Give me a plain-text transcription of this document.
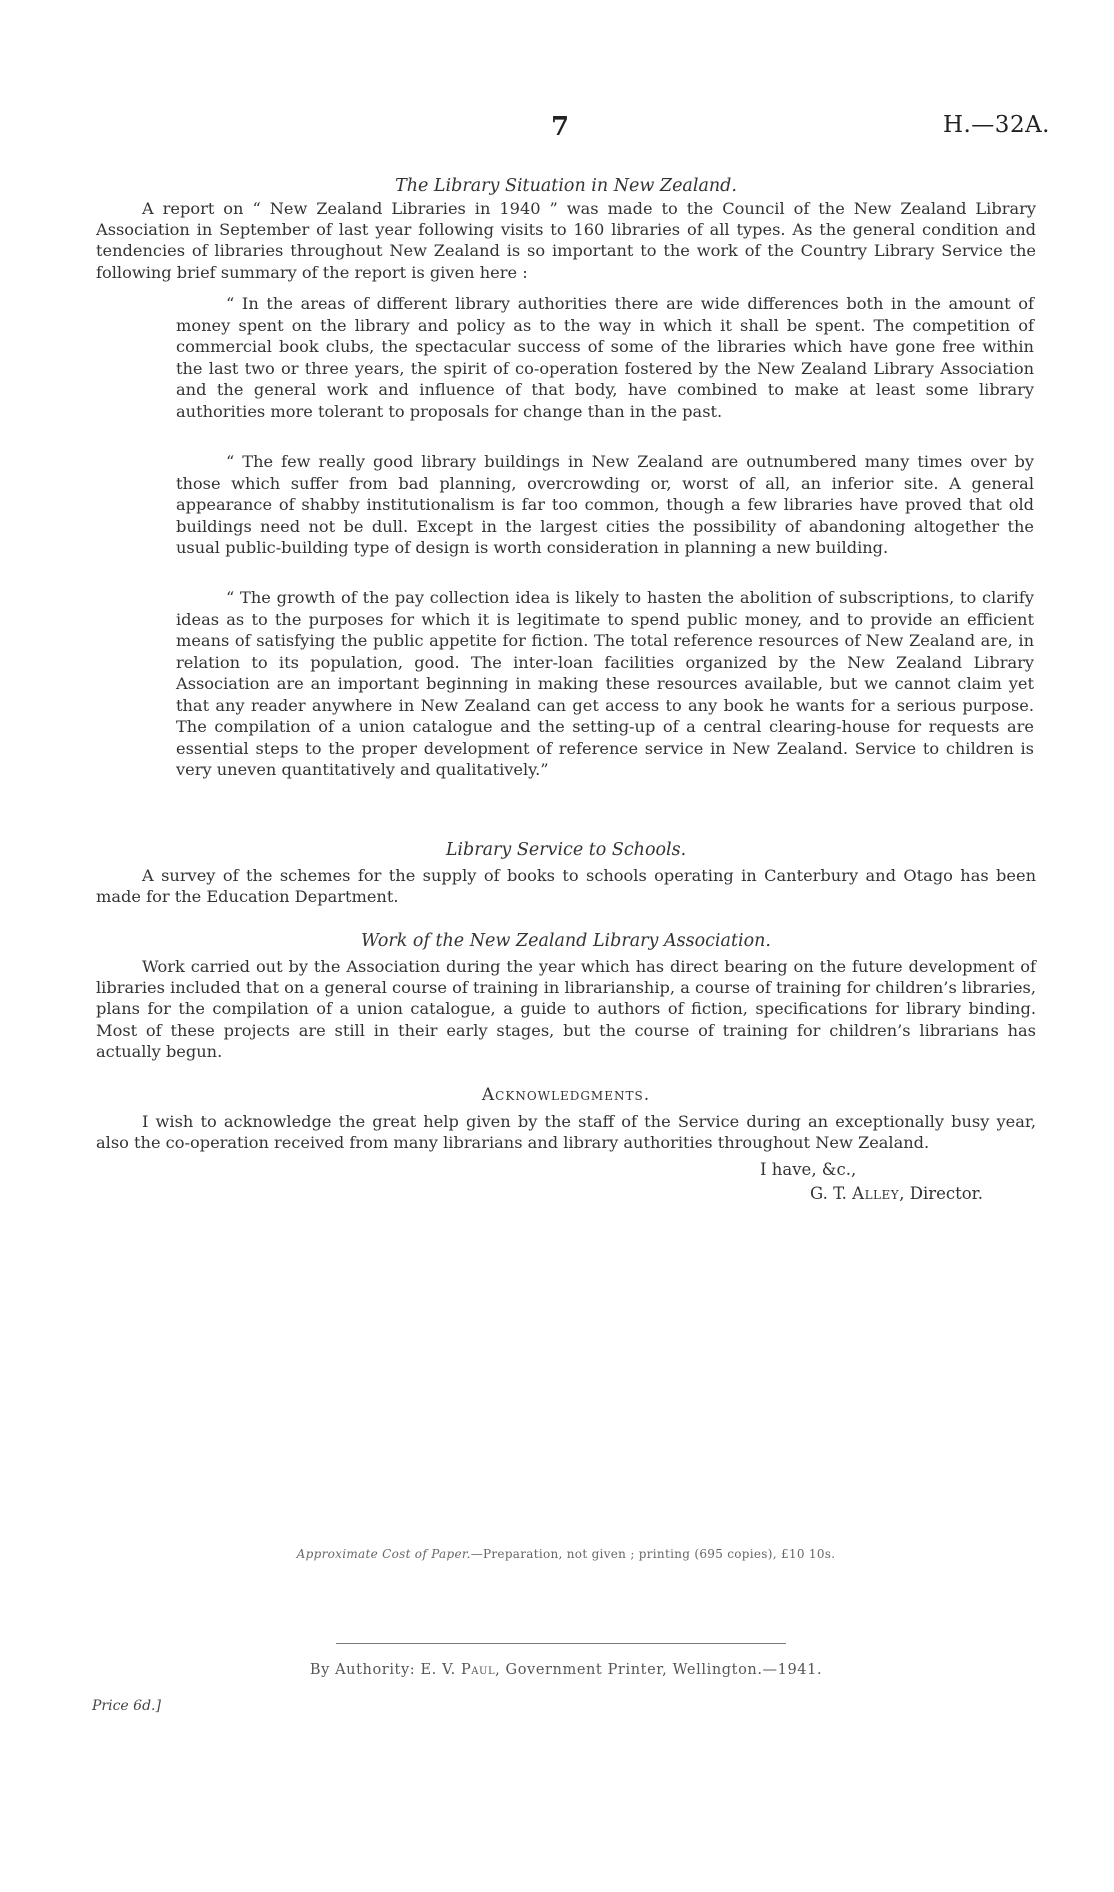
7	H.—32A.
The Library Situation in New Zealand.

A report on “ New Zealand Libraries in 1940 ” was made to the Council of the New Zealand Library Association in September of last year following visits to 160 libraries of all types. As the general condition and tendencies of libraries throughout New Zealand is so important to the work of the Country Library Service the following brief summary of the report is given here :

“ In the areas of different library authorities there are wide differences both in the amount of money spent on the library and policy as to the way in which it shall be spent. The competition of commercial book clubs, the spectacular success of some of the libraries which have gone free within the last two or three years, the spirit of co-operation fostered by the New Zealand Library Association and the general work and influence of that body, have combined to make at least some library authorities more tolerant to proposals for change than in the past.

“ The few really good library buildings in New Zealand are outnumbered many times over by those which suffer from bad planning, overcrowding or, worst of all, an inferior site. A general appearance of shabby institutionalism is far too common, though a few libraries have proved that old buildings need not be dull. Except in the largest cities the possibility of abandoning altogether the usual public-building type of design is worth consideration in planning a new building.

“ The growth of the pay collection idea is likely to hasten the abolition of subscriptions, to clarify ideas as to the purposes for which it is legitimate to spend public money, and to provide an efficient means of satisfying the public appetite for fiction. The total reference resources of New Zealand are, in relation to its population, good. The inter-loan facilities organized by the New Zealand Library Association are an important beginning in making these resources available, but we cannot claim yet that any reader anywhere in New Zealand can get access to any book he wants for a serious purpose. The compilation of a union catalogue and the setting-up of a central clearing-house for requests are essential steps to the proper development of reference service in New Zealand. Service to children is very uneven quantitatively and qualitatively.”

Library Service to Schools.

A survey of the schemes for the supply of books to schools operating in Canterbury and Otago has been made for the Education Department.

Work of the New Zealand Library Association.

Work carried out by the Association during the year which has direct bearing on the future development of libraries included that on a general course of training in librarianship, a course of training for children’s libraries, plans for the compilation of a union catalogue, a guide to authors of fiction, specifications for library binding. Most of these projects are still in their early stages, but the course of training for children’s librarians has actually begun.

Acknowledgments.

I wish to acknowledge the great help given by the staff of the Service during an exceptionally busy year, also the co-operation received from many librarians and library authorities throughout New Zealand.

I have, &c.,
G. T. Alley, Director.
Approximate Cost of Paper.—Preparation, not given ; printing (695 copies), £10 10s.
By Authority: E. V. Paul, Government Printer, Wellington.—1941.
Price 6d.]
